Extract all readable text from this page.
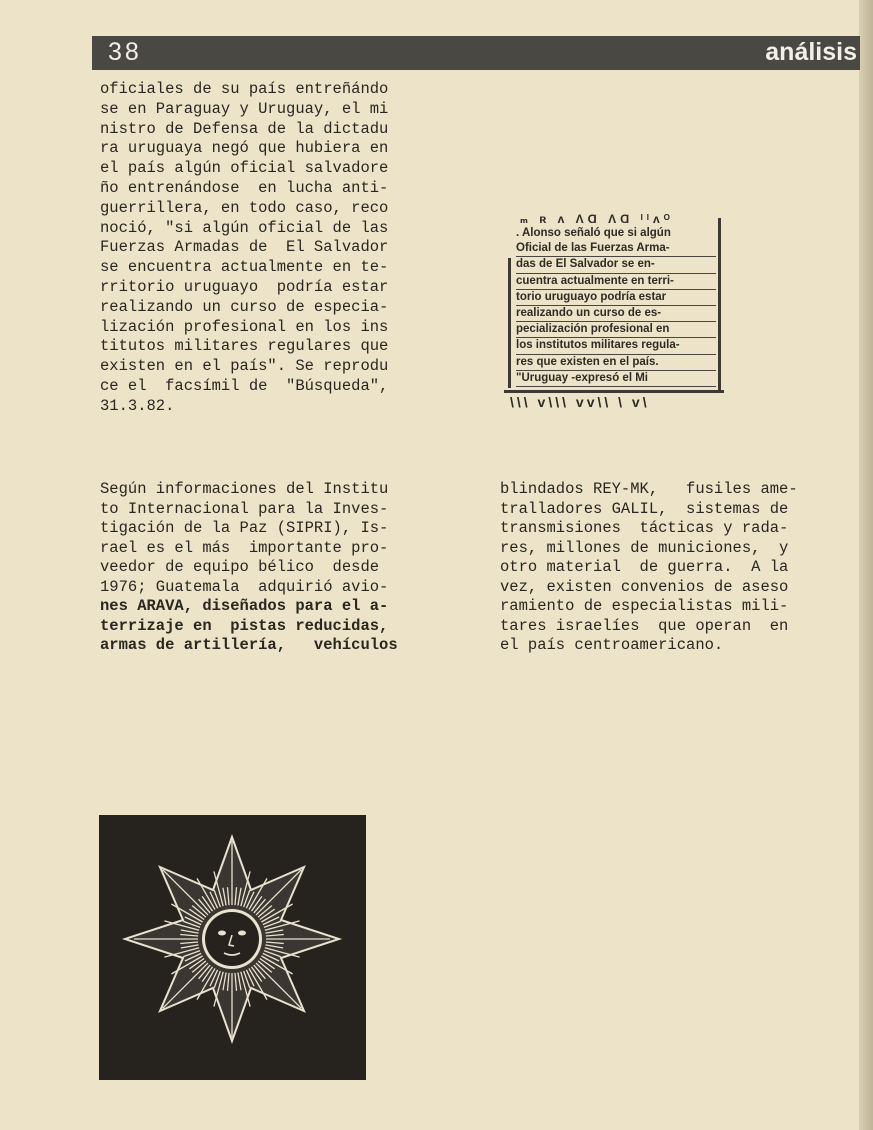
38	análisis
oficiales de su país entreñándo
se en Paraguay y Uruguay, el mi
nistro de Defensa de la dictadu
ra uruguaya negó que hubiera en
el país algún oficial salvadore
ño entrenándose  en lucha anti-
guerrillera, en todo caso, reco
noció, "si algún oficial de las
Fuerzas Armadas de  El Salvador
se encuentra actualmente en te-
rritorio uruguayo  podría estar
realizando un curso de especia-
lización profesional en los ins
titutos militares regulares que
existen en el país". Se reprodu
ce el  facsímil de  "Búsqueda",
31.3.82.
ₘ ʀ ʌ ɅⱭ ɅⱭ ᴵᴵᴧᴼ
. Alonso señaló que si algún
Oficial de las Fuerzas Arma-
das de El Salvador se en-
cuentra actualmente en terri-
torio uruguayo podría estar
realizando un curso de es-
pecialización profesional en
los institutos militares regula-
res que existen en el país.
"Uruguay -expresó el Mi
\\\ v\\\ vv\\ \ v\
Según informaciones del Institu
to Internacional para la Inves-
tigación de la Paz (SIPRI), Is-
rael es el más  importante pro-
veedor de equipo bélico  desde
1976; Guatemala  adquirió avio-
nes ARAVA, diseñados para el a-
terrizaje en  pistas reducidas,
armas de artillería,   vehículos
blindados REY-MK,   fusiles ame-
tralladores GALIL,  sistemas de
transmisiones  tácticas y rada-
res, millones de municiones,  y
otro material  de guerra.  A la
vez, existen convenios de aseso
ramiento de especialistas mili-
tares israelíes  que operan  en
el país centroamericano.
